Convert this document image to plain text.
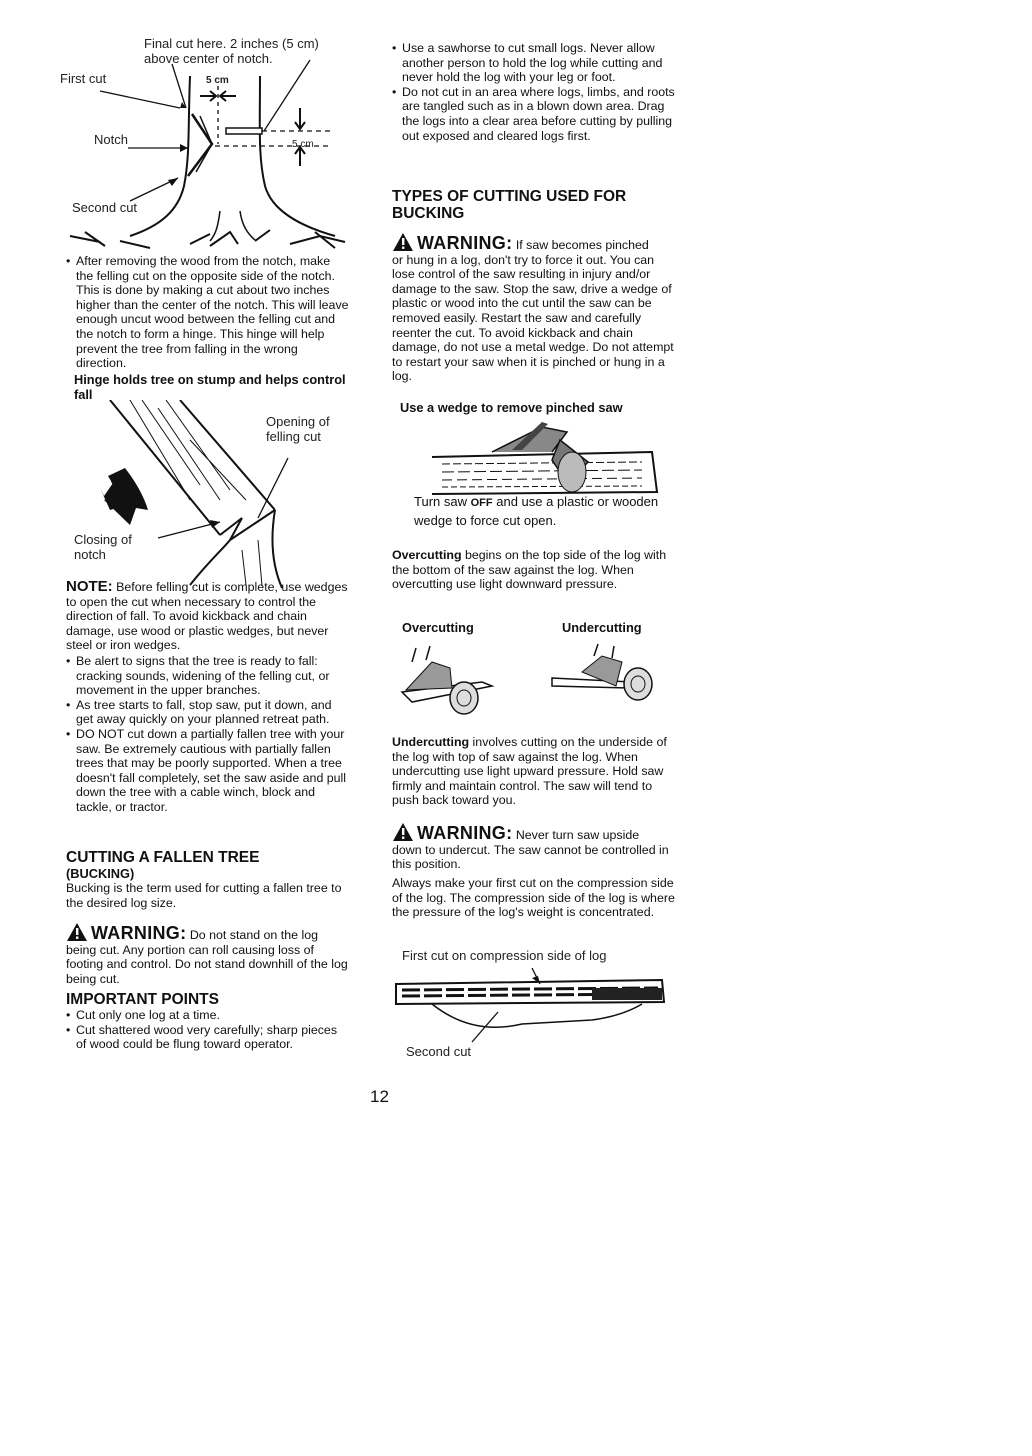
Final cut here. 2 inches (5 cm) above center of notch.
First cut
Notch
Second cut
5 cm
5 cm
• After removing the wood from the notch, make the felling cut on the opposite side of the notch. This is done by making a cut about two inches higher than the center of the notch. This will leave enough uncut wood between the felling cut and the notch to form a hinge. This hinge will help prevent the tree from falling in the wrong direction.
Hinge holds tree on stump and helps control fall
Opening of felling cut
Closing of notch
NOTE: Before felling cut is complete, use wedges to open the cut when necessary to control the direction of fall. To avoid kickback and chain damage, use wood or plastic wedges, but never steel or iron wedges.
• Be alert to signs that the tree is ready to fall: cracking sounds, widening of the felling cut, or movement in the upper branches.
• As tree starts to fall, stop saw, put it down, and get away quickly on your planned retreat path.
• DO NOT cut down a partially fallen tree with your saw. Be extremely cautious with partially fallen trees that may be poorly supported. When a tree doesn't fall completely, set the saw aside and pull down the tree with a cable winch, block and tackle, or tractor.
CUTTING A FALLEN TREE
(BUCKING)
Bucking is the term used for cutting a fallen tree to the desired log size.
WARNING: Do not stand on the log
being cut. Any portion can roll causing loss of footing and control. Do not stand downhill of the log being cut.
IMPORTANT POINTS
• Cut only one log at a time.
• Cut shattered wood very carefully; sharp pieces of wood could be flung toward operator.
• Use a sawhorse to cut small logs. Never allow another person to hold the log while cutting and never hold the log with your leg or foot.
• Do not cut in an area where logs, limbs, and roots are tangled such as in a blown down area. Drag the logs into a clear area before cutting by pulling out exposed and cleared logs first.
TYPES OF CUTTING USED FOR BUCKING
WARNING: If saw becomes pinched
or hung in a log, don't try to force it out. You can lose control of the saw resulting in injury and/or damage to the saw. Stop the saw, drive a wedge of plastic or wood into the cut until the saw can be removed easily. Restart the saw and carefully reenter the cut. To avoid kickback and chain damage, do not use a metal wedge. Do not attempt to restart your saw when it is pinched or hung in a log.
Use a wedge to remove pinched saw
Turn saw OFF and use a plastic or wooden wedge to force cut open.
Overcutting begins on the top side of the log with the bottom of the saw against the log. When overcutting use light downward pressure.
Overcutting	Undercutting
Undercutting involves cutting on the underside of the log with top of saw against the log. When undercutting use light upward pressure. Hold saw firmly and maintain control. The saw will tend to push back toward you.
WARNING: Never turn saw upside
down to undercut. The saw cannot be controlled in this position.
Always make your first cut on the compression side of the log. The compression side of the log is where the pressure of the log's weight is concentrated.
First cut on compression side of log
Second cut
12
